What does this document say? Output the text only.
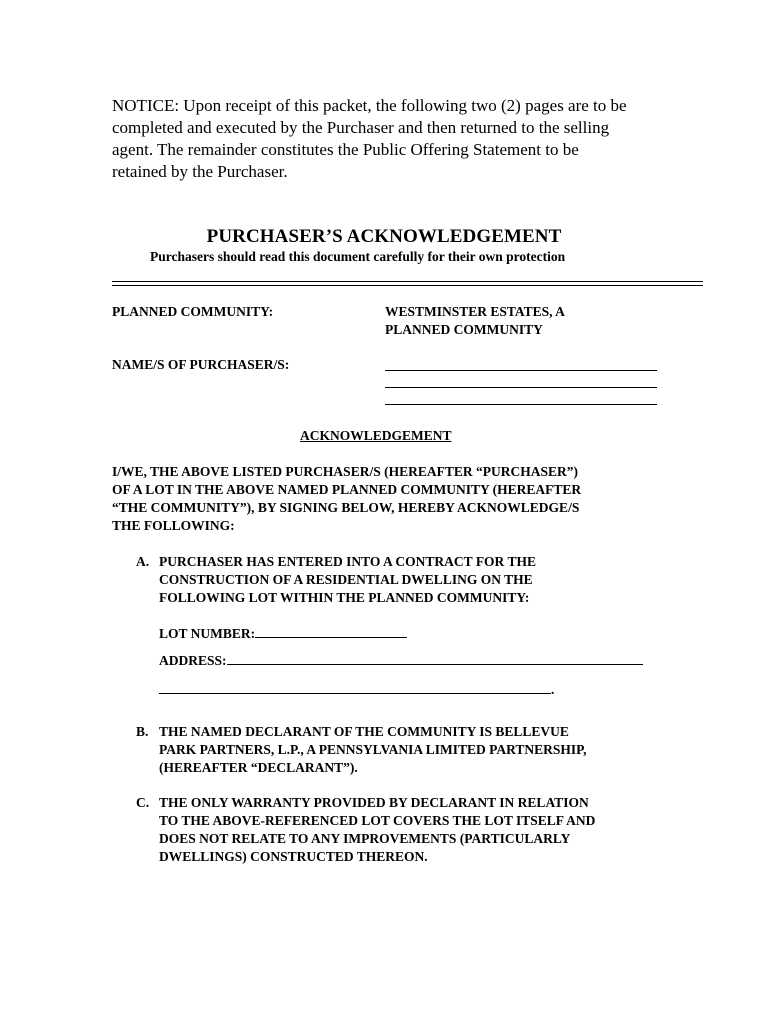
NOTICE: Upon receipt of this packet, the following two (2) pages are to be
completed and executed by the Purchaser and then returned to the selling
agent. The remainder constitutes the Public Offering Statement to be
retained by the Purchaser.

PURCHASER’S ACKNOWLEDGEMENT

Purchasers should read this document carefully for their own protection

PLANNED COMMUNITY:	WESTMINSTER ESTATES, A

PLANNED COMMUNITY

NAME/S OF PURCHASER/S:

ACKNOWLEDGEMENT

I/WE, THE ABOVE LISTED PURCHASER/S (HEREAFTER “PURCHASER”)
OF A LOT IN THE ABOVE NAMED PLANNED COMMUNITY (HEREAFTER
“THE COMMUNITY”), BY SIGNING BELOW, HEREBY ACKNOWLEDGE/S
THE FOLLOWING:

A. PURCHASER HAS ENTERED INTO A CONTRACT FOR THE
CONSTRUCTION OF A RESIDENTIAL DWELLING ON THE
FOLLOWING LOT WITHIN THE PLANNED COMMUNITY:
LOT NUMBER:
ADDRESS:
.
B. THE NAMED DECLARANT OF THE COMMUNITY IS BELLEVUE
PARK PARTNERS, L.P., A PENNSYLVANIA LIMITED PARTNERSHIP,
(HEREAFTER “DECLARANT”).
C. THE ONLY WARRANTY PROVIDED BY DECLARANT IN RELATION
TO THE ABOVE-REFERENCED LOT COVERS THE LOT ITSELF AND
DOES NOT RELATE TO ANY IMPROVEMENTS (PARTICULARLY
DWELLINGS) CONSTRUCTED THEREON.
